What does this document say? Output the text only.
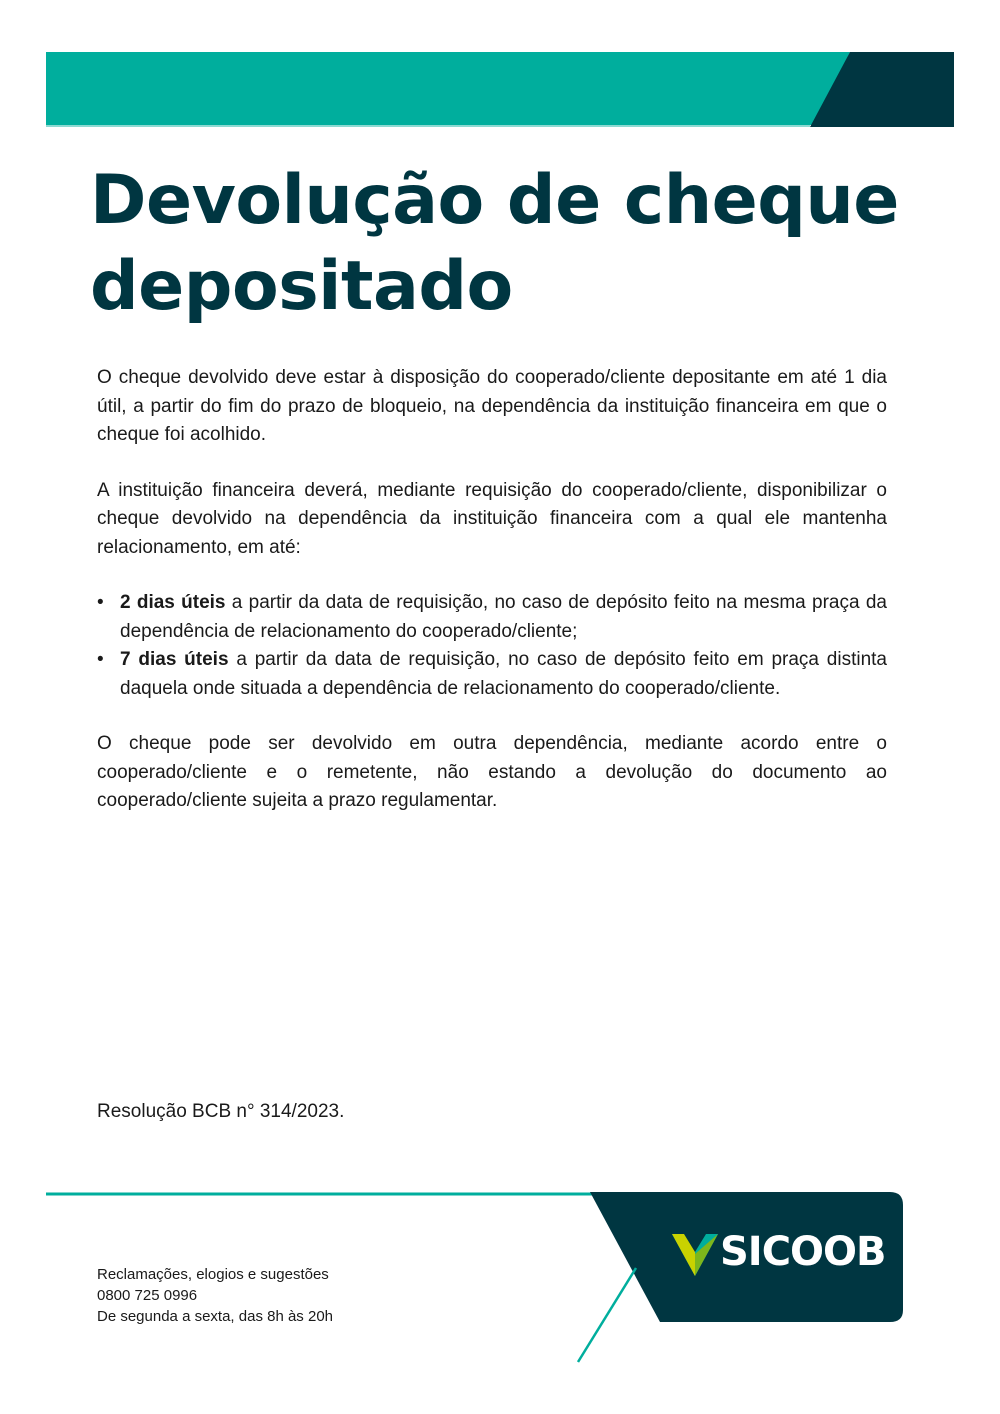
Devolução de cheque
depositado

O cheque devolvido deve estar à disposição do cooperado/cliente depositante em até 1 dia útil, a partir do fim do prazo de bloqueio, na dependência da instituição financeira em que o cheque foi acolhido.

A instituição financeira deverá, mediante requisição do cooperado/cliente, disponibilizar o cheque devolvido na dependência da instituição financeira com a qual ele mantenha relacionamento, em até:

• 2 dias úteis a partir da data de requisição, no caso de depósito feito na mesma praça da dependência de relacionamento do cooperado/cliente;
• 7 dias úteis a partir da data de requisição, no caso de depósito feito em praça distinta daquela onde situada a dependência de relacionamento do cooperado/cliente.

O cheque pode ser devolvido em outra dependência, mediante acordo entre o cooperado/cliente e o remetente, não estando a devolução do documento ao cooperado/cliente sujeita a prazo regulamentar.

Resolução BCB n° 314/2023.

SICOOB
Reclamações, elogios e sugestões
0800 725 0996
De segunda a sexta, das 8h às 20h
